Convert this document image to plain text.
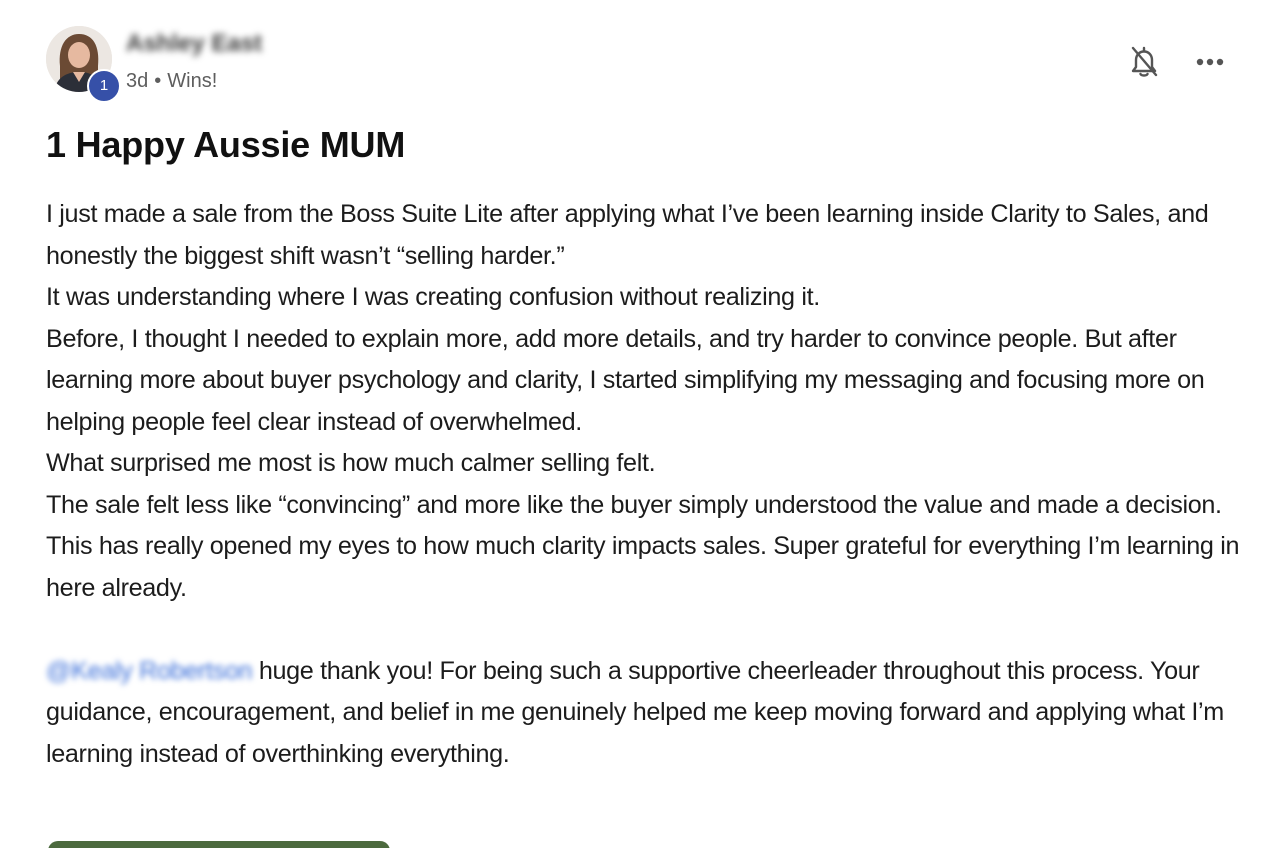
1
Ashley East
3d • Wins!
1 Happy Aussie MUM

I just made a sale from the Boss Suite Lite after applying what I’ve been learning inside Clarity to Sales, and honestly the biggest shift wasn’t “selling harder.”

It was understanding where I was creating confusion without realizing it.

Before, I thought I needed to explain more, add more details, and try harder to convince people. But after learning more about buyer psychology and clarity, I started simplifying my messaging and focusing more on helping people feel clear instead of overwhelmed.

What surprised me most is how much calmer selling felt.

The sale felt less like “convincing” and more like the buyer simply understood the value and made a decision.

This has really opened my eyes to how much clarity impacts sales. Super grateful for everything I’m learning in here already.

@Kealy Robertson huge thank you! For being such a supportive cheerleader throughout this process. Your guidance, encouragement, and belief in me genuinely helped me keep moving forward and applying what I’m learning instead of overthinking everything.
